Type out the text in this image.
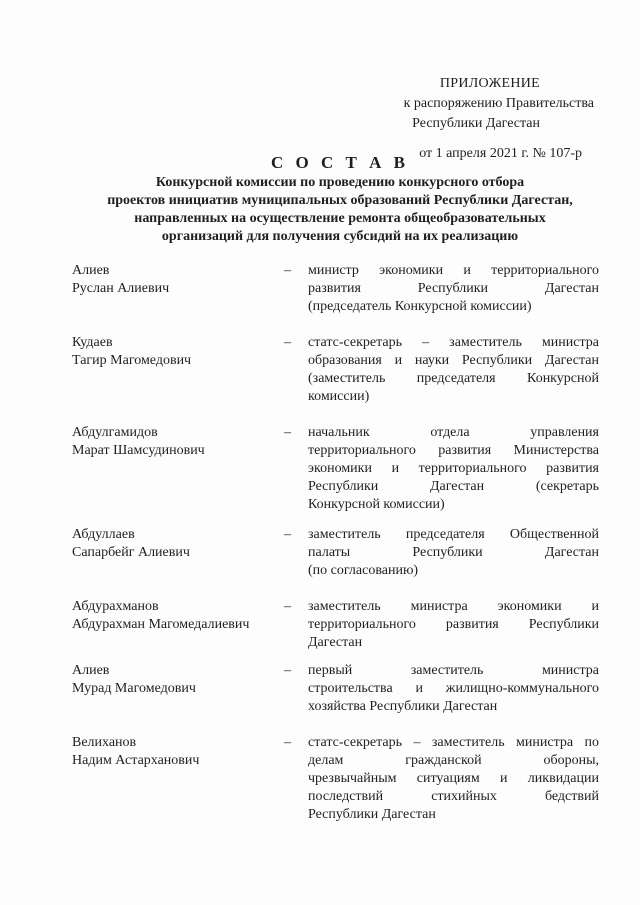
ПРИЛОЖЕНИЕ
к распоряжению Правительства
Республики Дагестан
от 1 апреля 2021 г. № 107-р
С О С Т А В
Конкурсной комиссии по проведению конкурсного отбора
проектов инициатив муниципальных образований Республики Дагестан,
направленных на осуществление ремонта общеобразовательных
организаций для получения субсидий на их реализацию
Алиев
Руслан Алиевич
–	министр экономики и территориального
развития Республики Дагестан
(председатель Конкурсной комиссии)
Кудаев
Тагир Магомедович
–	статс-секретарь – заместитель министра
образования и науки Республики Дагестан
(заместитель председателя Конкурсной
комиссии)
Абдулгамидов
Марат Шамсудинович
–	начальник отдела управления
территориального развития Министерства
экономики и территориального развития
Республики Дагестан (секретарь
Конкурсной комиссии)
Абдуллаев
Сапарбейг Алиевич
–	заместитель председателя Общественной
палаты Республики Дагестан
(по согласованию)
Абдурахманов
Абдурахман Магомедалиевич
–	заместитель министра экономики и
территориального развития Республики
Дагестан
Алиев
Мурад Магомедович
–	первый заместитель министра
строительства и жилищно-коммунального
хозяйства Республики Дагестан
Велиханов
Надим Астарханович
–	статс-секретарь – заместитель министра по
делам гражданской обороны,
чрезвычайным ситуациям и ликвидации
последствий стихийных бедствий
Республики Дагестан
